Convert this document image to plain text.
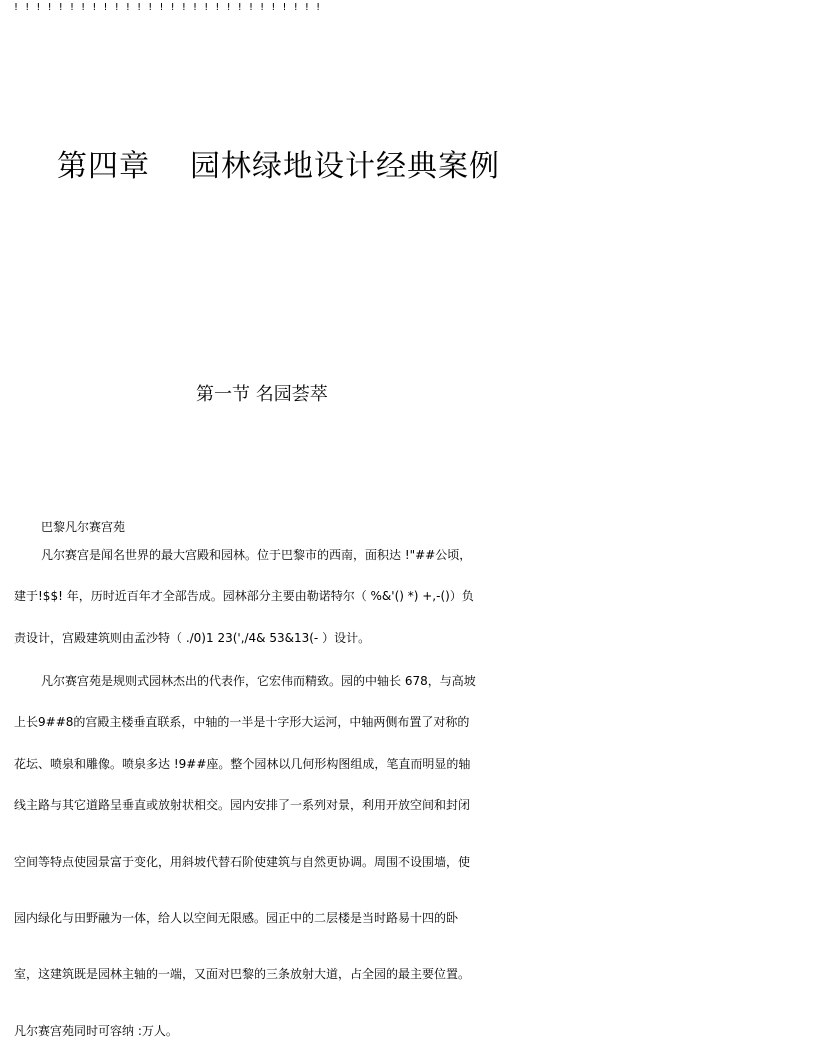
! ! ! ! ! ! ! ! ! ! ! ! ! ! ! ! ! ! ! ! ! ! ! ! ! ! ! !
第四章 园林绿地设计经典案例
第一节 名园荟萃
巴黎凡尔赛宫苑
凡尔赛宫是闻名世界的最大宫殿和园林。位于巴黎市的西南，面积达 !"##公顷，
建于!$$! 年，历时近百年才全部告成。园林部分主要由勒诺特尔（ %&'() *) +,-()）负
责设计，宫殿建筑则由孟沙特（ ./0)1 23(',/4& 53&13(- ）设计。
凡尔赛宫苑是规则式园林杰出的代表作，它宏伟而精致。园的中轴长 678，与高坡
上长9##8的宫殿主楼垂直联系，中轴的一半是十字形大运河，中轴两侧布置了对称的
花坛、喷泉和雕像。喷泉多达 !9##座。整个园林以几何形构图组成，笔直而明显的轴
线主路与其它道路呈垂直或放射状相交。园内安排了一系列对景，利用开放空间和封闭
空间等特点使园景富于变化，用斜坡代替石阶使建筑与自然更协调。周围不设围墙，使
园内绿化与田野融为一体，给人以空间无限感。园正中的二层楼是当时路易十四的卧
室，这建筑既是园林主轴的一端，又面对巴黎的三条放射大道，占全园的最主要位置。
凡尔赛宫苑同时可容纳 :万人。
